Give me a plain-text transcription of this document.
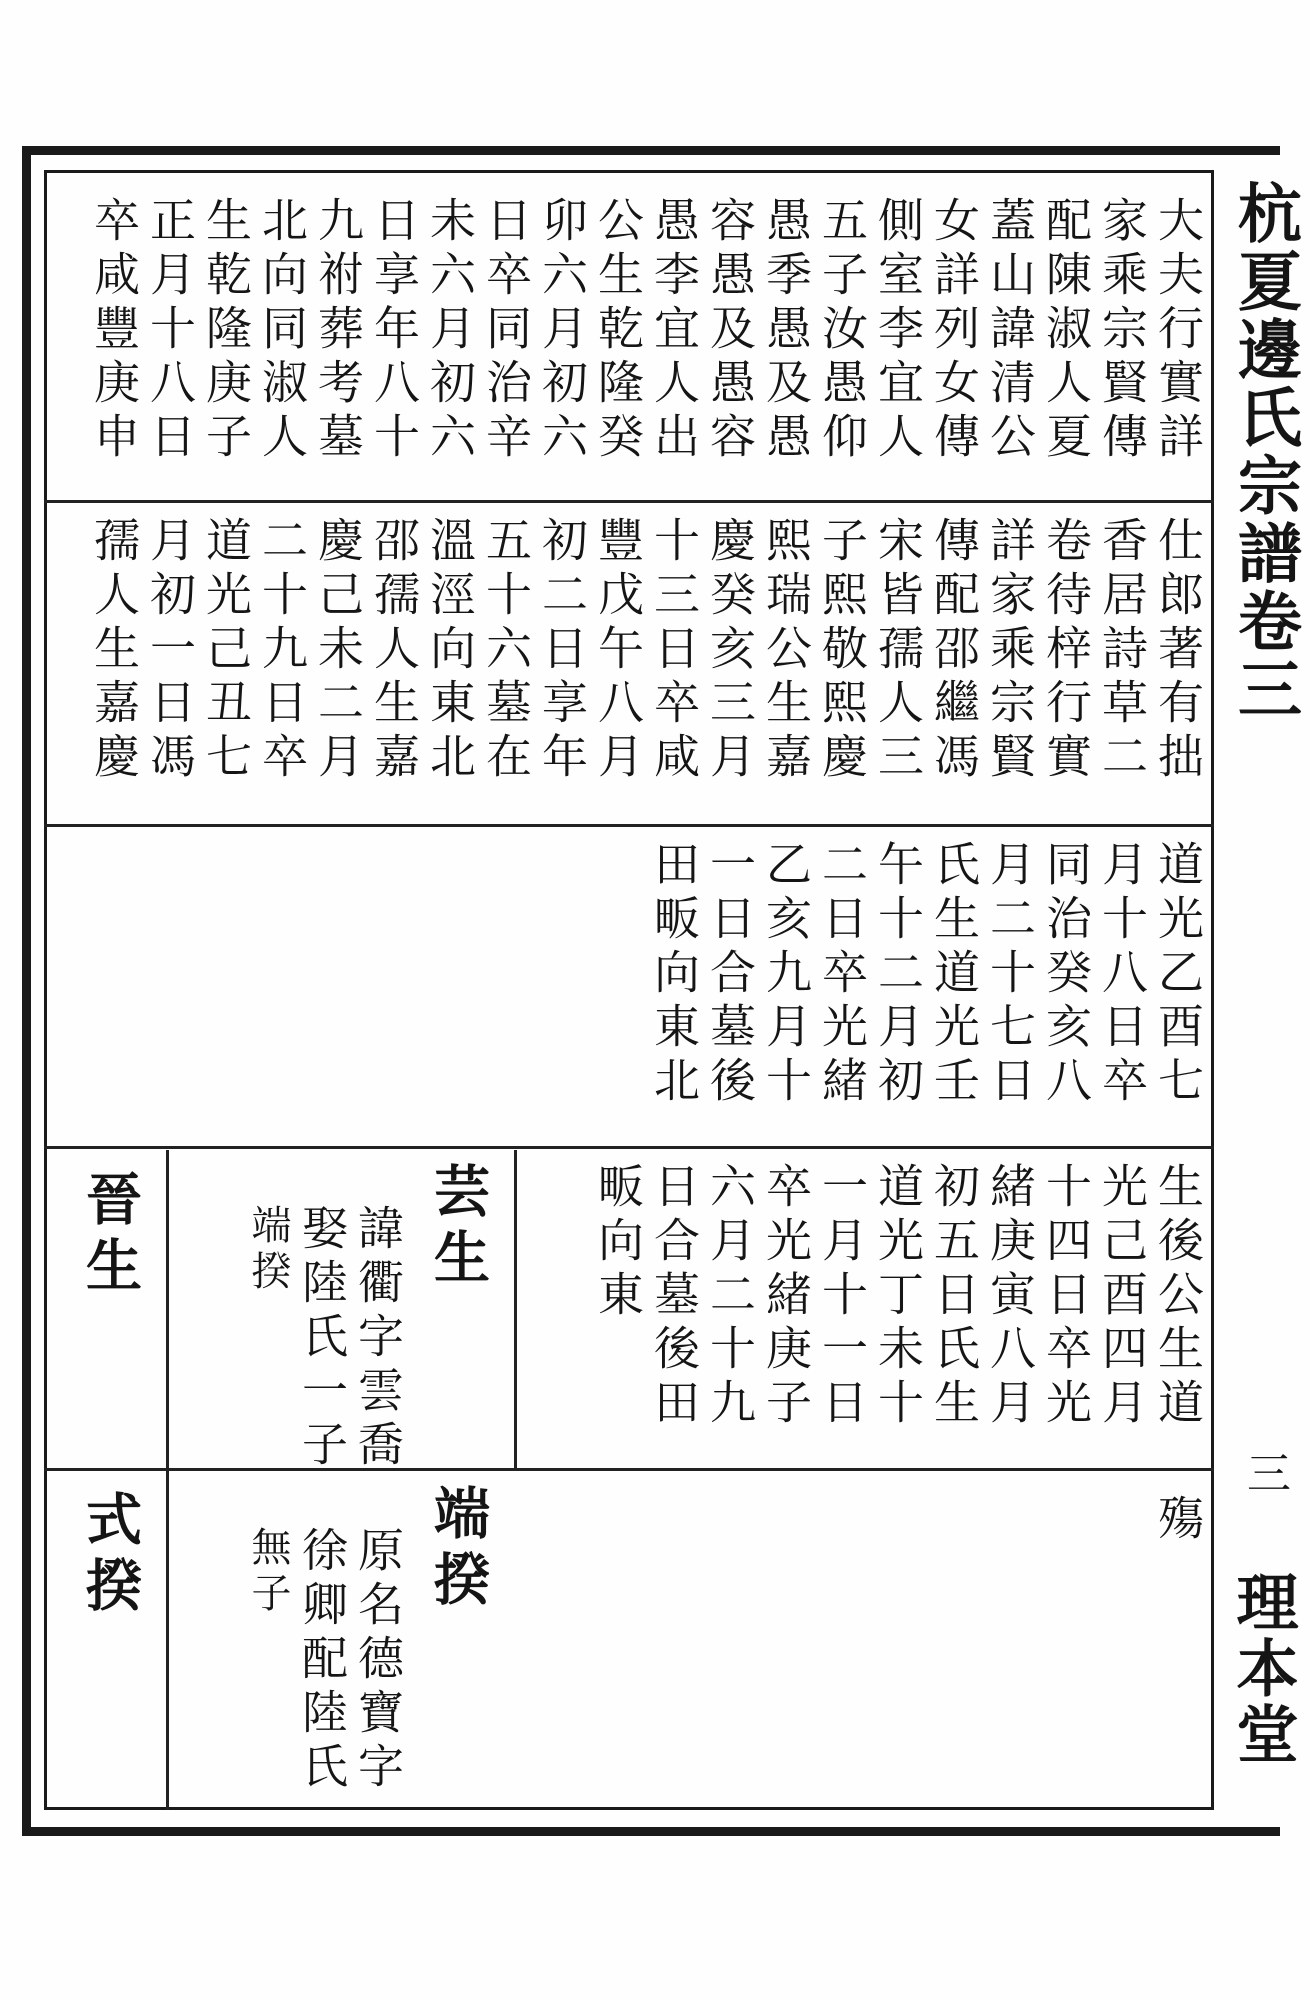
杭夏邊氏宗譜卷三
三
理本堂
大夫行實詳
家乘宗賢傳
配陳淑人夏
蓋山諱清公
女詳列女傳
側室李宜人
五子汝愚仰
愚季愚及愚
容愚及愚容
愚李宜人出
公生乾隆癸
卯六月初六
日卒同治辛
未六月初六
日享年八十
九祔葬考墓
北向同淑人
生乾隆庚子
正月十八日
卒咸豐庚申
仕郎著有拙
香居詩草二
卷待梓行實
詳家乘宗賢
傳配邵繼馮
宋皆孺人三
子熙敬熙慶
熙瑞公生嘉
慶癸亥三月
十三日卒咸
豐戊午八月
初二日享年
五十六墓在
溫涇向東北
邵孺人生嘉
慶己未二月
二十九日卒
道光己丑七
月初一日馮
孺人生嘉慶
道光乙酉七
月十八日卒
同治癸亥八
月二十七日
氏生道光壬
午十二月初
二日卒光緒
乙亥九月十
一日合墓後
田畈向東北
生後公生道
光己酉四月
十四日卒光
緒庚寅八月
初五日氏生
道光丁未十
一月十一日
卒光緒庚子
六月二十九
日合墓後田
畈向東
芸生
諱衢字雲喬
娶陸氏一子
端揆
晉生
殤
端揆
原名德寶字
徐卿配陸氏
無子
式揆
